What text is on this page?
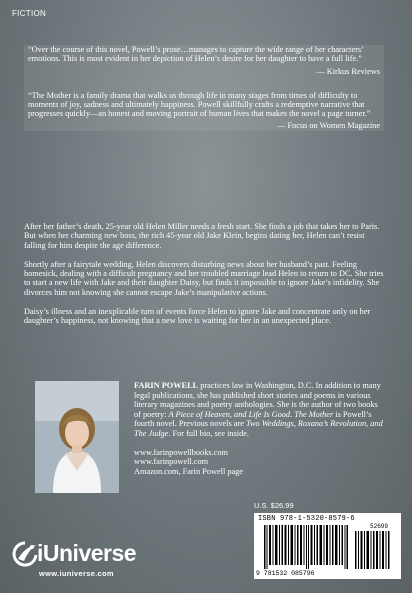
FICTION

“Over the course of this novel, Powell’s prose…manages to capture the wide range of her characters’ emotions. This is most evident in her depiction of Helen’s desire for her daughter to have a full life.”

— Kirkus Reviews

“The Mother is a family drama that walks us through life in many stages from times of difficulty to moments of joy, sadness and ultimately happiness. Powell skillfully crafts a redemptive narrative that progresses quickly—an honest and moving portrait of human lives that makes the novel a page turner.”

— Focus on Women Magazine

After her father’s death, 25-year old Helen Miller needs a fresh start. She finds a job that takes her to Paris. But when her charming new boss, the rich 45-year old Jake Klein, begins dating her, Helen can’t resist falling for him despite the age difference.

Shortly after a fairytale wedding, Helen discovers disturbing news about her husband’s past. Feeling homesick, dealing with a difficult pregnancy and her troubled marriage lead Helen to return to DC. She tries to start a new life with Jake and their daughter Daisy, but finds it impossible to ignore Jake’s infidelity. She divorces him not knowing she cannot escape Jake’s manipulative actions.

Daisy’s illness and an inexplicable turn of events force Helen to ignore Jake and concentrate only on her daughter’s happiness, not knowing that a new love is waiting for her in an unexpected place.

FARIN POWELL practices law in Washington, D.C. In addition to many legal publications, she has published short stories and poems in various literary magazines and poetry anthologies. She is the author of two books of poetry: A Piece of Heaven, and Life Is Good. The Mother is Powell’s fourth novel. Previous novels are Two Weddings, Roxana’s Revolution, and The Judge. For full bio, see inside.

www.farinpowellbooks.com
www.farinpowell.com
Amazon.com, Farin Powell page

U.S. $26.99
ISBN 978-1-5320-8579-6
52699
9 781532 085796
iUniverse
www.iuniverse.com
